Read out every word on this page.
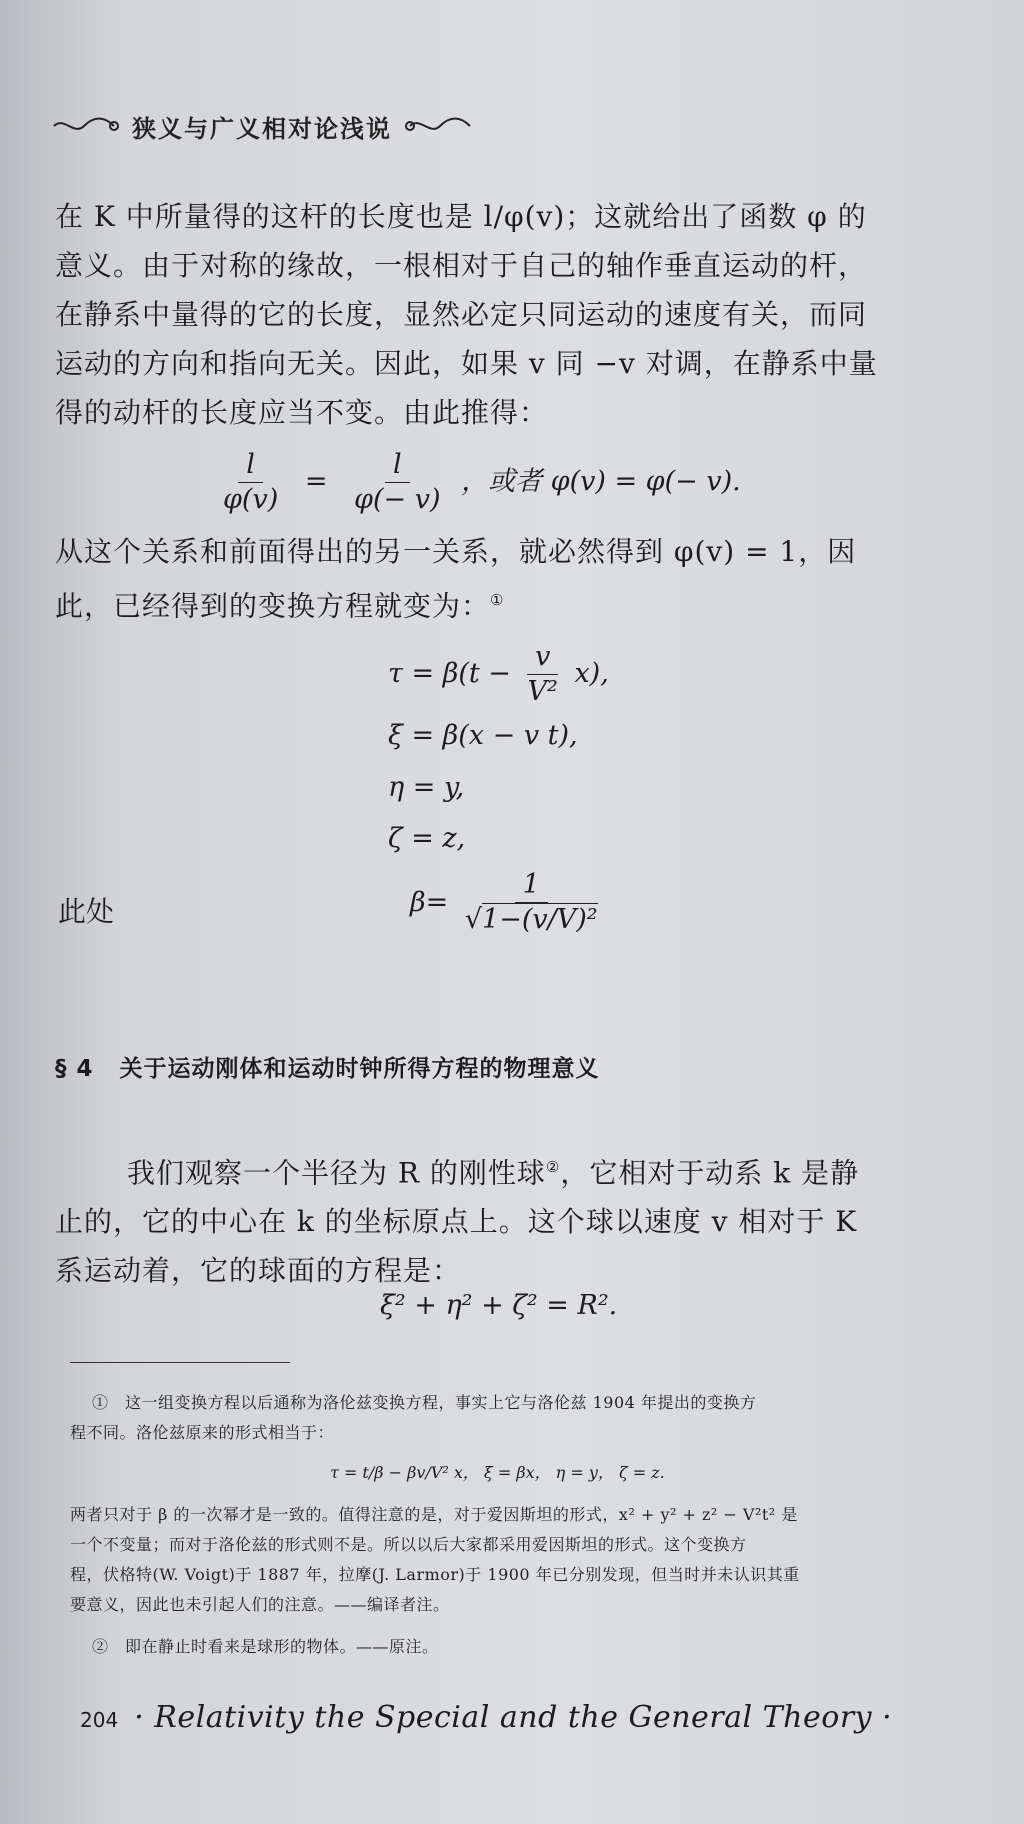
狭义与广义相对论浅说
在 K 中所量得的这杆的长度也是 l/φ(v)；这就给出了函数 φ 的
意义。由于对称的缘故，一根相对于自己的轴作垂直运动的杆，
在静系中量得的它的长度，显然必定只同运动的速度有关，而同
运动的方向和指向无关。因此，如果 v 同 −v 对调，在静系中量
得的动杆的长度应当不变。由此推得：
$\frac{l}{\varphi(v)} = \frac{l}{\varphi(- v)}$ ，或者 φ(v) = φ(− v).
从这个关系和前面得出的另一关系，就必然得到 φ(v) = 1，因
此，已经得到的变换方程就变为：①
$\tau = \beta(t - \frac{v}{\text{V²}} x)$,
ξ = β(x − v t),
η = y,
ζ = z,
此处	$\beta= \frac{1}{\text{√1−(v/V)²}}$
§ 4 关于运动刚体和运动时钟所得方程的物理意义
我们观察一个半径为 R 的刚性球②，它相对于动系 k 是静
止的，它的中心在 k 的坐标原点上。这个球以速度 v 相对于 K
系运动着，它的球面的方程是：
ξ² + η² + ζ² = R².
①　这一组变换方程以后通称为洛伦兹变换方程，事实上它与洛伦兹 1904 年提出的变换方
程不同。洛伦兹原来的形式相当于：
τ = t/β − βv/V² x， ξ = βx， η = y， ζ = z.
两者只对于 β 的一次幂才是一致的。值得注意的是，对于爱因斯坦的形式，x² + y² + z² − V²t² 是
一个不变量；而对于洛伦兹的形式则不是。所以以后大家都采用爱因斯坦的形式。这个变换方
程，伏格特(W. Voigt)于 1887 年，拉摩(J. Larmor)于 1900 年已分别发现，但当时并未认识其重
要意义，因此也未引起人们的注意。——编译者注。
②　即在静止时看来是球形的物体。——原注。
204 · Relativity the Special and the General Theory ·
